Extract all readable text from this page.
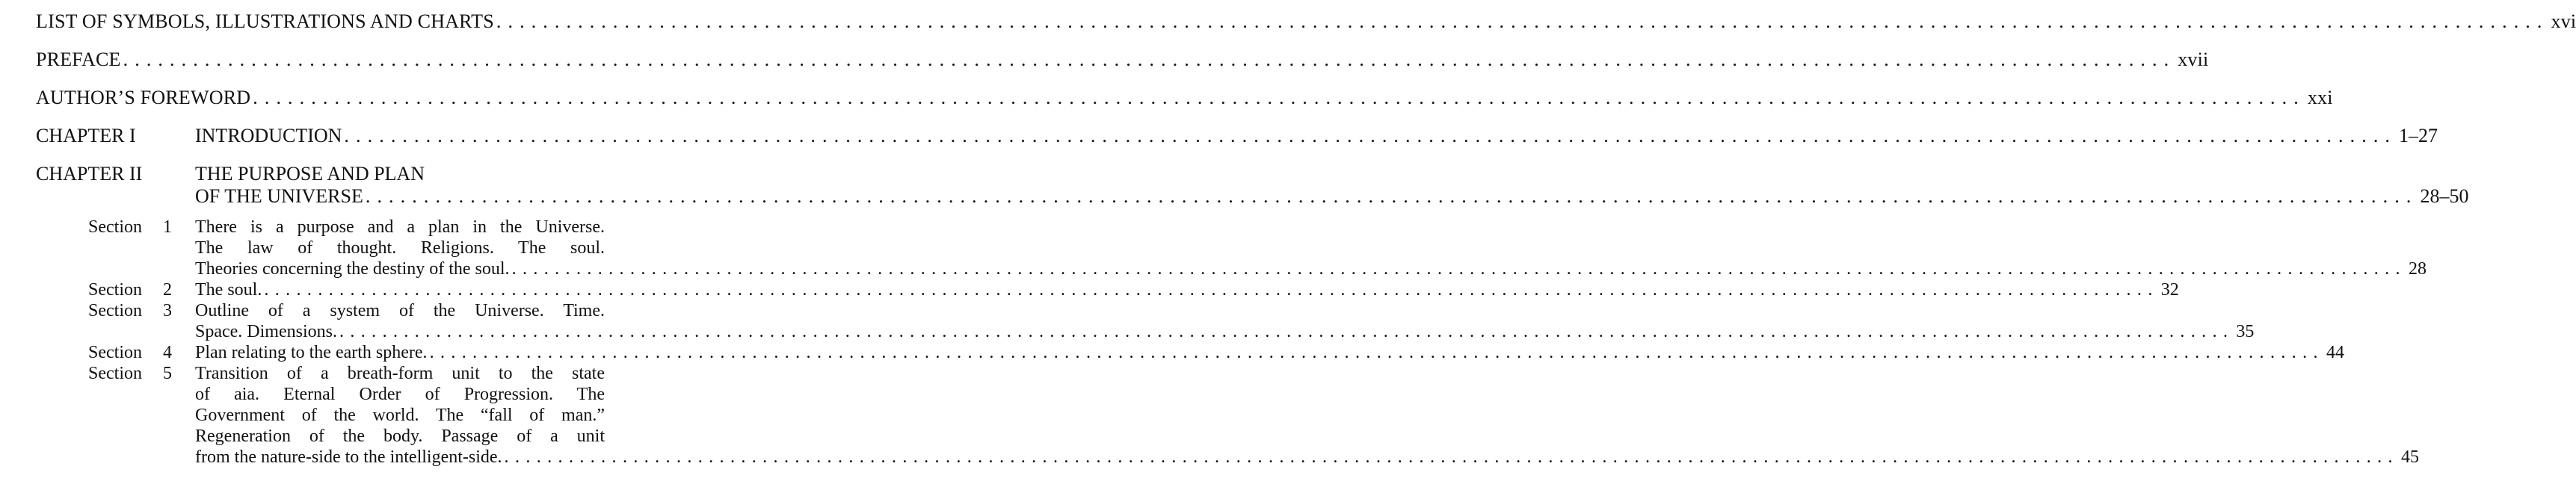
LIST OF SYMBOLS, ILLUSTRATIONS AND CHARTS .....	xvi
PREFACE .....	xvii
AUTHOR’S FOREWORD .....	xxi
CHAPTER I	INTRODUCTION .....	1–27
CHAPTER II	THE PURPOSE AND PLAN
OF THE UNIVERSE .....	28–50
Section 1	There is a purpose and a plan in the Universe.
The law of thought. Religions. The soul.
Theories concerning the destiny of the soul. .....	28
Section 2	The soul. .....	32
Section 3	Outline of a system of the Universe. Time.
Space. Dimensions. .....	35
Section 4	Plan relating to the earth sphere. .....	44
Section 5	Transition of a breath-form unit to the state
of aia. Eternal Order of Progression. The
Government of the world. The “fall of man.”
Regeneration of the body. Passage of a unit
from the nature-side to the intelligent-side. .....	45
